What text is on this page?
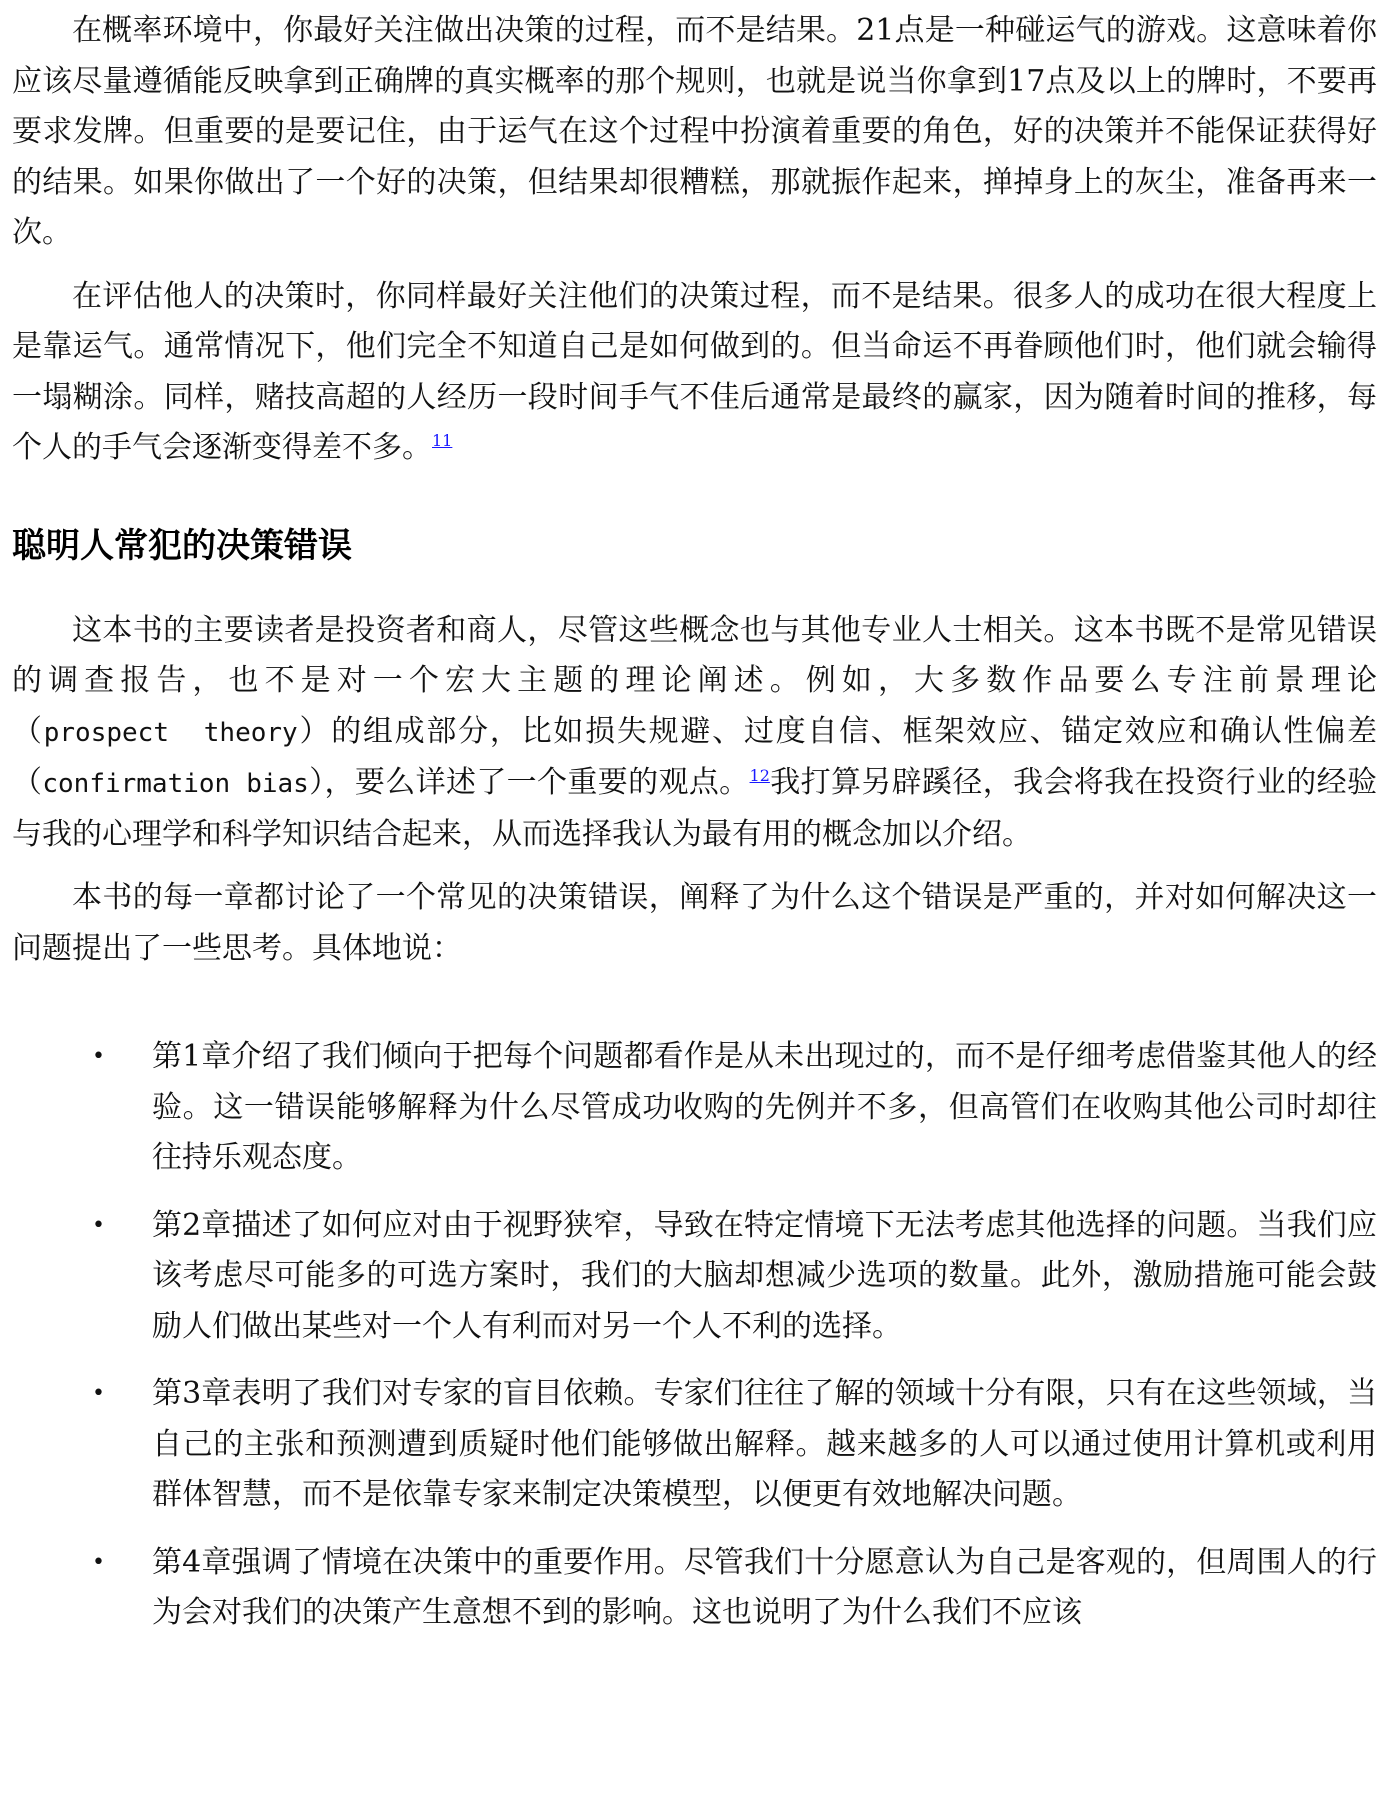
在概率环境中，你最好关注做出决策的过程，而不是结果。21点是一种碰运气的游戏。这意味着你应该尽量遵循能反映拿到正确牌的真实概率的那个规则，也就是说当你拿到17点及以上的牌时，不要再要求发牌。但重要的是要记住，由于运气在这个过程中扮演着重要的角色，好的决策并不能保证获得好的结果。如果你做出了一个好的决策，但结果却很糟糕，那就振作起来，掸掉身上的灰尘，准备再来一次。

在评估他人的决策时，你同样最好关注他们的决策过程，而不是结果。很多人的成功在很大程度上是靠运气。通常情况下，他们完全不知道自己是如何做到的。但当命运不再眷顾他们时，他们就会输得一塌糊涂。同样，赌技高超的人经历一段时间手气不佳后通常是最终的赢家，因为随着时间的推移，每个人的手气会逐渐变得差不多。$^{11}$

聪明人常犯的决策错误

这本书的主要读者是投资者和商人，尽管这些概念也与其他专业人士相关。这本书既不是常见错误的调查报告，也不是对一个宏大主题的理论阐述。例如，大多数作品要么专注前景理论（prospect  theory）的组成部分，比如损失规避、过度自信、框架效应、锚定效应和确认性偏差（confirmation bias），要么详述了一个重要的观点。$^{12}$我打算另辟蹊径，我会将我在投资行业的经验与我的心理学和科学知识结合起来，从而选择我认为最有用的概念加以介绍。

本书的每一章都讨论了一个常见的决策错误，阐释了为什么这个错误是严重的，并对如何解决这一问题提出了一些思考。具体地说：

• 第1章介绍了我们倾向于把每个问题都看作是从未出现过的，而不是仔细考虑借鉴其他人的经验。这一错误能够解释为什么尽管成功收购的先例并不多，但高管们在收购其他公司时却往往持乐观态度。
• 第2章描述了如何应对由于视野狭窄，导致在特定情境下无法考虑其他选择的问题。当我们应该考虑尽可能多的可选方案时，我们的大脑却想减少选项的数量。此外，激励措施可能会鼓励人们做出某些对一个人有利而对另一个人不利的选择。
• 第3章表明了我们对专家的盲目依赖。专家们往往了解的领域十分有限，只有在这些领域，当自己的主张和预测遭到质疑时他们能够做出解释。越来越多的人可以通过使用计算机或利用群体智慧，而不是依靠专家来制定决策模型，以便更有效地解决问题。
• 第4章强调了情境在决策中的重要作用。尽管我们十分愿意认为自己是客观的，但周围人的行为会对我们的决策产生意想不到的影响。这也说明了为什么我们不应该
